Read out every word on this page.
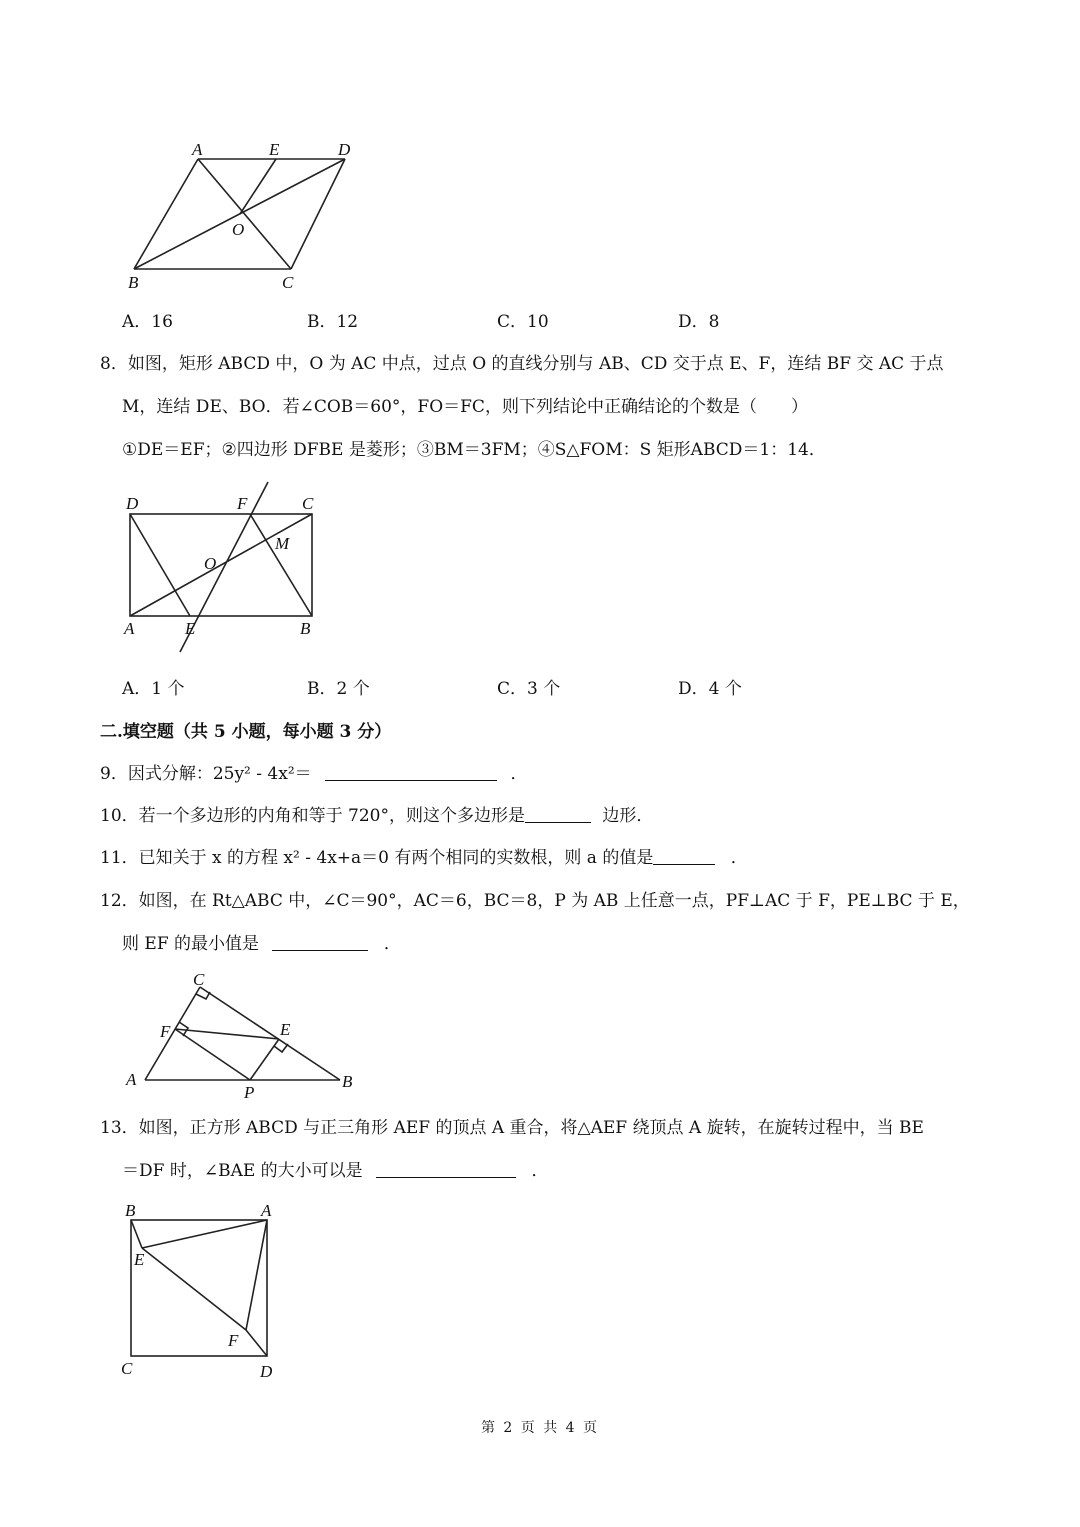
A	E	D
O
B	C
A．16	B．12	C．10	D．8
8．如图，矩形 ABCD 中，O 为 AC 中点，过点 O 的直线分别与 AB、CD 交于点 E、F，连结 BF 交 AC 于点
M，连结 DE、BO．若∠COB＝60°，FO＝FC，则下列结论中正确结论的个数是（　　）
①DE＝EF；②四边形 DFBE 是菱形；③BM＝3FM；④S△FOM：S 矩形ABCD＝1：14．
D	F	C
M
O
A	E	B
A．1 个	B．2 个	C．3 个	D．4 个
二.填空题（共 5 小题，每小题 3 分）
9．因式分解：25y² - 4x²＝	．
10．若一个多边形的内角和等于 720°，则这个多边形是	边形．
11．已知关于 x 的方程 x² - 4x+a＝0 有两个相同的实数根，则 a 的值是	．
12．如图，在 Rt△ABC 中，∠C＝90°，AC＝6，BC＝8，P 为 AB 上任意一点，PF⊥AC 于 F，PE⊥BC 于 E，
则 EF 的最小值是	．
C
F	E
A
P
B
13．如图，正方形 ABCD 与正三角形 AEF 的顶点 A 重合，将△AEF 绕顶点 A 旋转，在旋转过程中，当 BE
＝DF 时，∠BAE 的大小可以是	．
B	A
E
F
C	D
第 2 页 共 4 页
